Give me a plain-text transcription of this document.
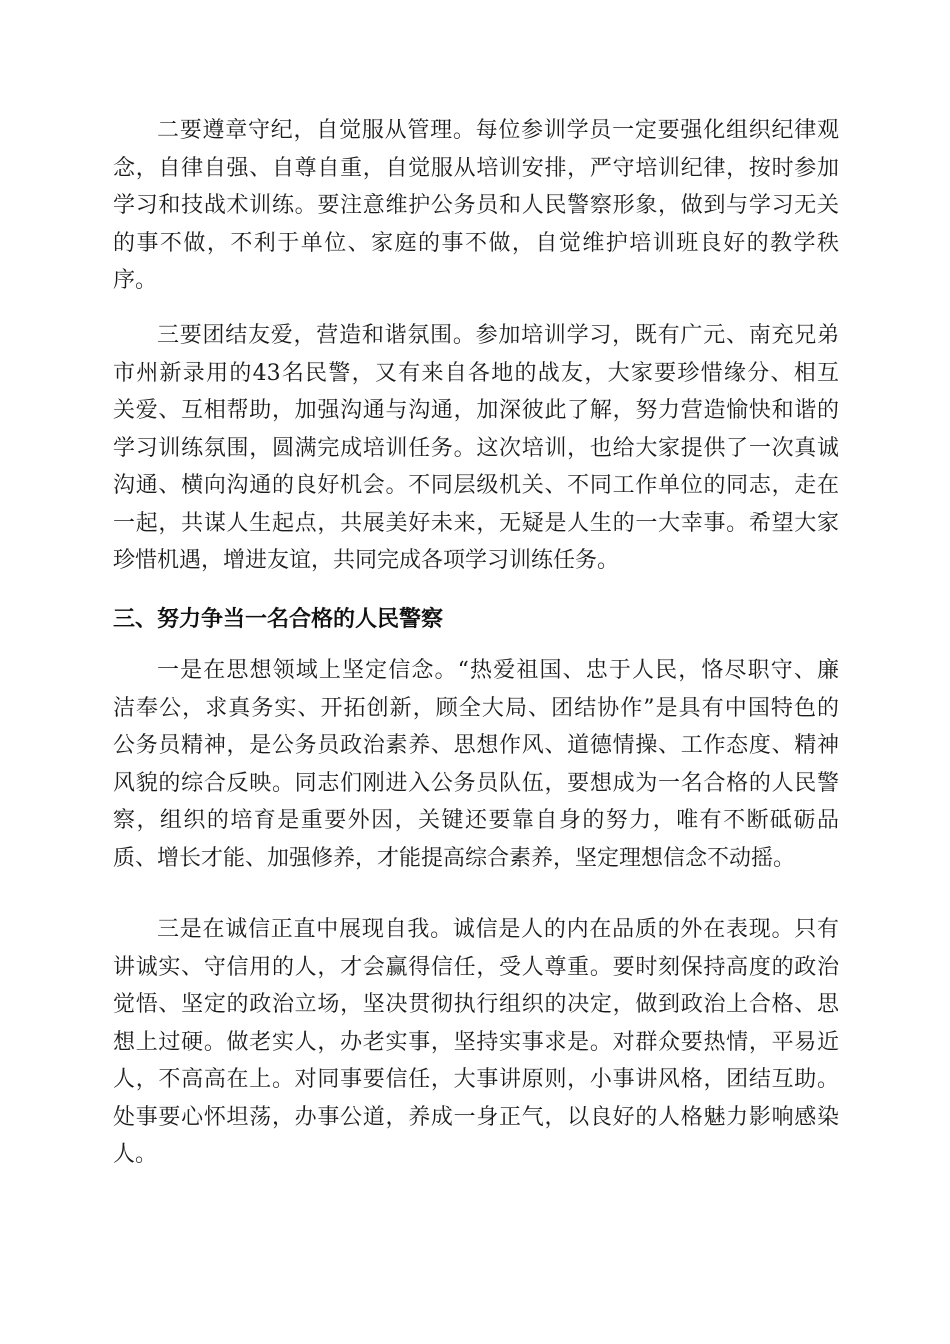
二要遵章守纪，自觉服从管理。每位参训学员一定要强化组织纪律观
念，自律自强、自尊自重，自觉服从培训安排，严守培训纪律，按时参加
学习和技战术训练。要注意维护公务员和人民警察形象，做到与学习无关
的事不做，不利于单位、家庭的事不做，自觉维护培训班良好的教学秩
序。
三要团结友爱，营造和谐氛围。参加培训学习，既有广元、南充兄弟
市州新录用的43名民警，又有来自各地的战友，大家要珍惜缘分、相互
关爱、互相帮助，加强沟通与沟通，加深彼此了解，努力营造愉快和谐的
学习训练氛围，圆满完成培训任务。这次培训，也给大家提供了一次真诚
沟通、横向沟通的良好机会。不同层级机关、不同工作单位的同志，走在
一起，共谋人生起点，共展美好未来，无疑是人生的一大幸事。希望大家
珍惜机遇，增进友谊，共同完成各项学习训练任务。
三、努力争当一名合格的人民警察
一是在思想领域上坚定信念。“热爱祖国、忠于人民，恪尽职守、廉
洁奉公，求真务实、开拓创新，顾全大局、团结协作”是具有中国特色的
公务员精神，是公务员政治素养、思想作风、道德情操、工作态度、精神
风貌的综合反映。同志们刚进入公务员队伍，要想成为一名合格的人民警
察，组织的培育是重要外因，关键还要靠自身的努力，唯有不断砥砺品
质、增长才能、加强修养，才能提高综合素养，坚定理想信念不动摇。
三是在诚信正直中展现自我。诚信是人的内在品质的外在表现。只有
讲诚实、守信用的人，才会赢得信任，受人尊重。要时刻保持高度的政治
觉悟、坚定的政治立场，坚决贯彻执行组织的决定，做到政治上合格、思
想上过硬。做老实人，办老实事，坚持实事求是。对群众要热情，平易近
人，不高高在上。对同事要信任，大事讲原则，小事讲风格，团结互助。
处事要心怀坦荡，办事公道，养成一身正气，以良好的人格魅力影响感染
人。
